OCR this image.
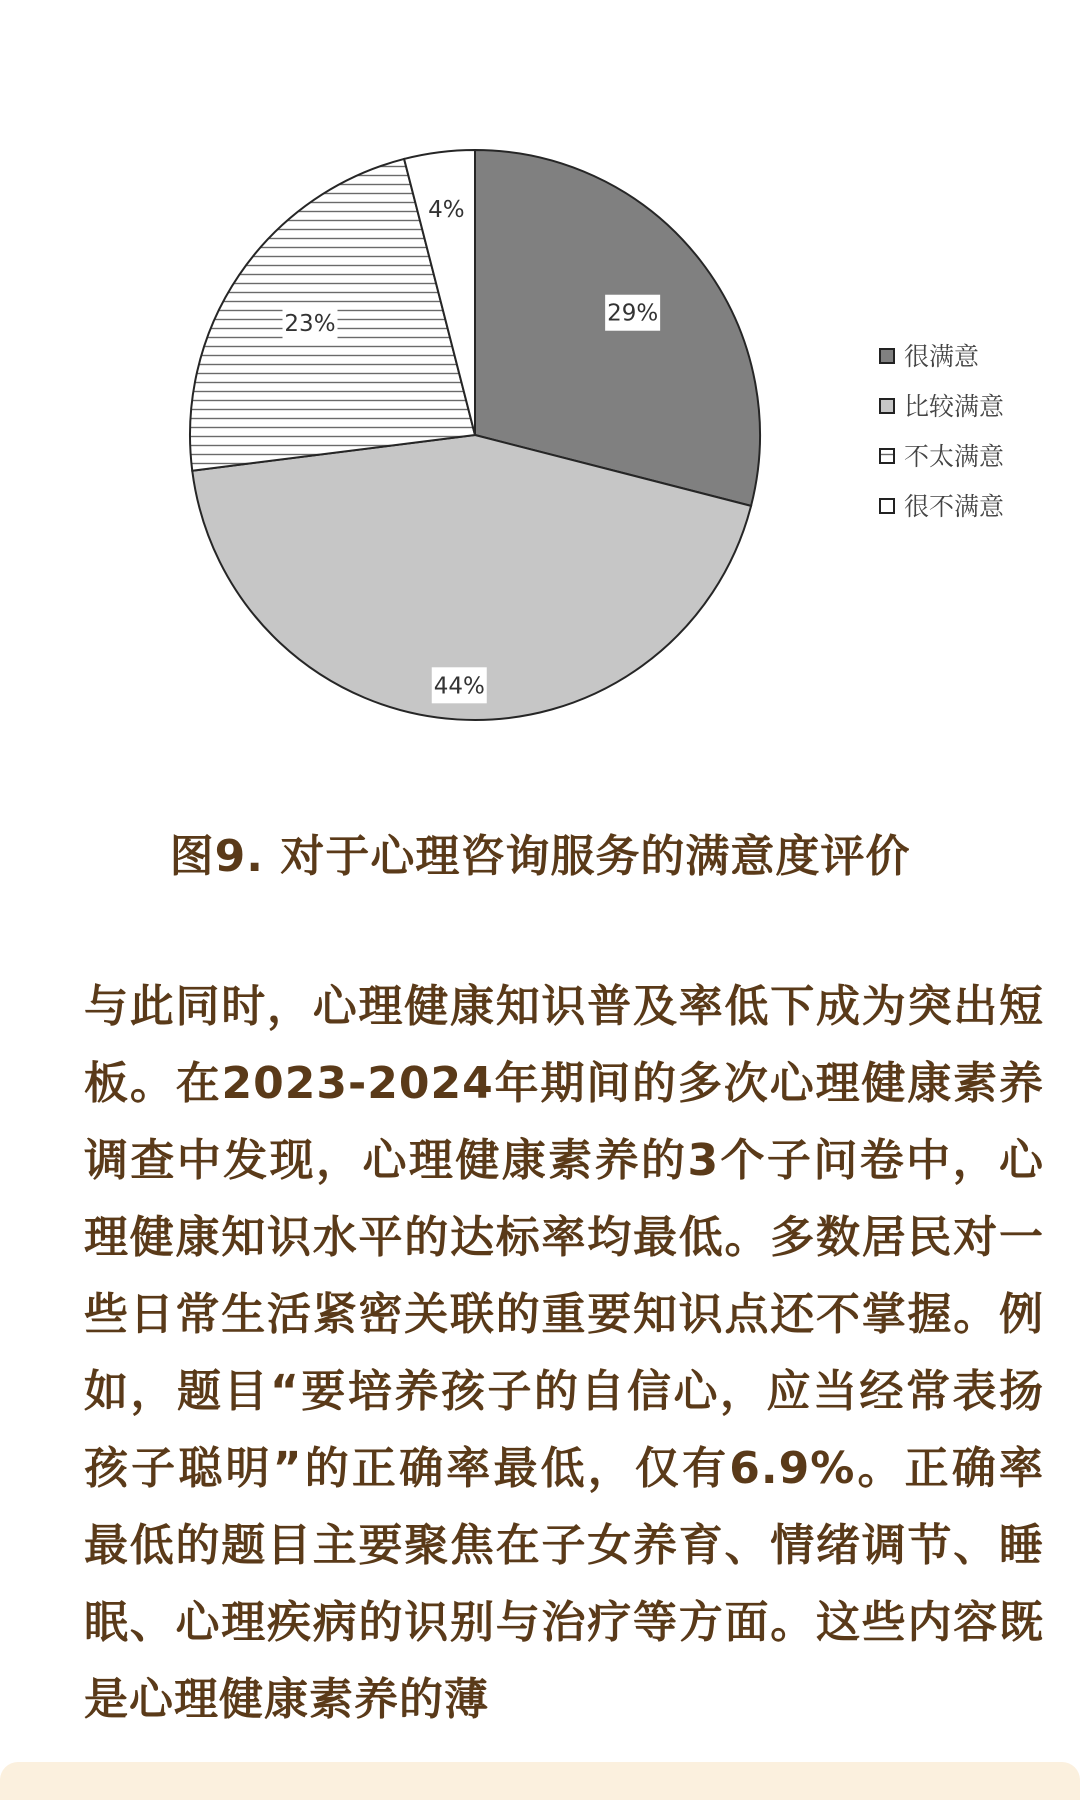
29%
44%
23%
4%
很满意
比较满意
不太满意
很不满意
图9. 对于心理咨询服务的满意度评价
与此同时，心理健康知识普及率低下成为突出短板。在2023-2024年期间的多次心理健康素养调查中发现，心理健康素养的3个子问卷中，心理健康知识水平的达标率均最低。多数居民对一些日常生活紧密关联的重要知识点还不掌握。例如，题目“要培养孩子的自信心，应当经常表扬孩子聪明”的正确率最低，仅有6.9%。正确率最低的题目主要聚焦在子女养育、情绪调节、睡眠、心理疾病的识别与治疗等方面。这些内容既是心理健康素养的薄
